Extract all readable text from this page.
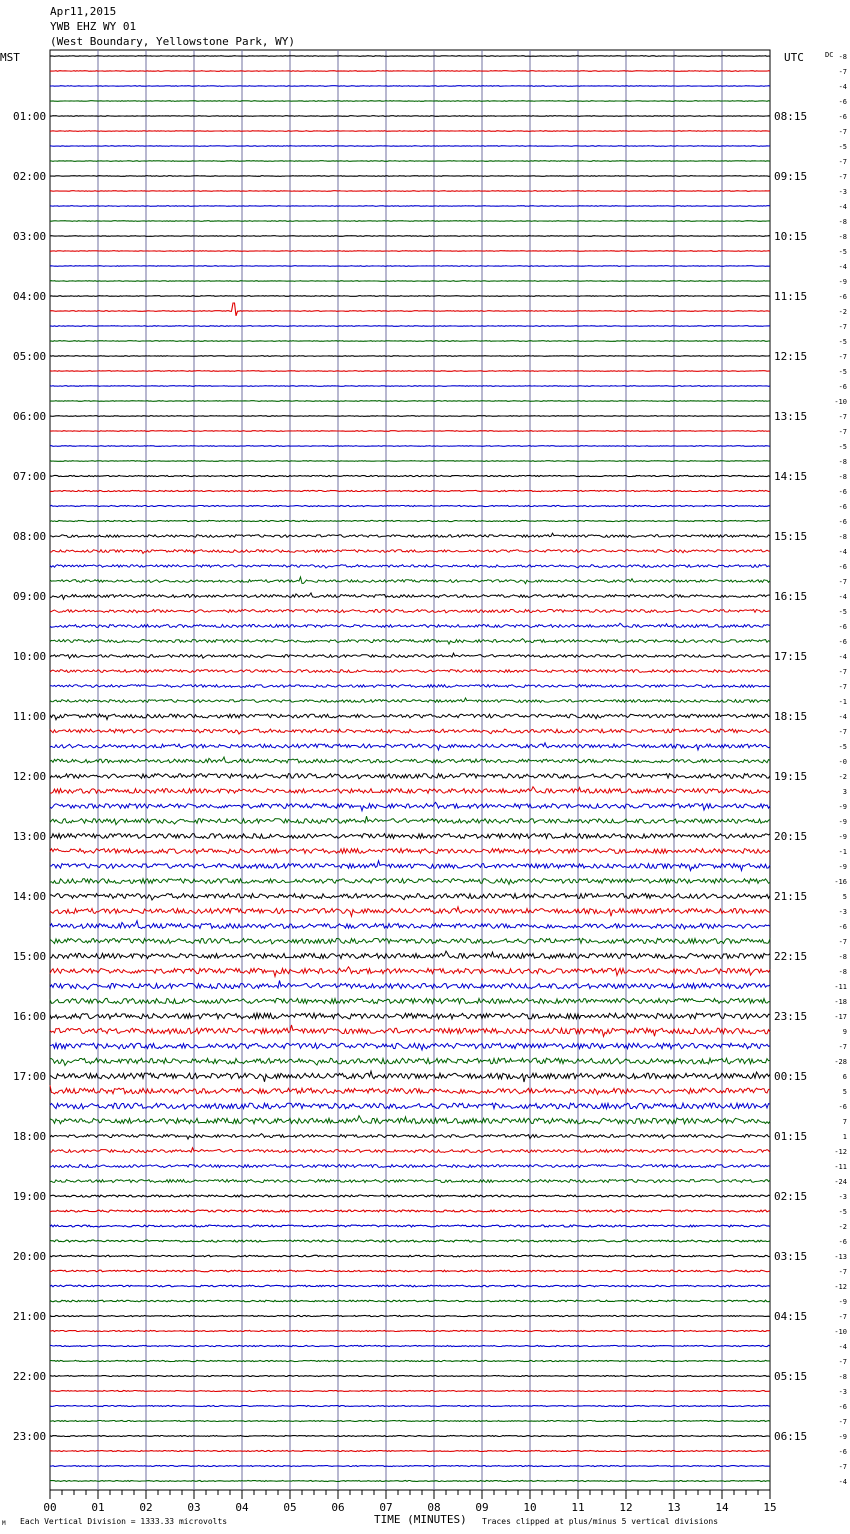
Apr11,2015
YWB EHZ WY 01
(West Boundary, Yellowstone Park, WY)
-8
-7
-4
-6
-6
-7
-5
-7
-7
-3
-4
-8
-8
-5
-4
-9
-6
-2
-7
-5
-7
-5
-6
-10
-7
-7
-5
-8
-8
-6
-6
-6
-8
-4
-6
-7
-4
-5
-6
-6
-4
-7
-7
-1
-4
-7
-5
-0
-2
3
-9
-9
-9
-1
-9
-16
5
-3
-6
-7
-8
-8
-11
-18
-17
9
-7
-28
6
5
-6
7
1
-12
-11
-24
-3
-5
-2
-6
-13
-7
-12
-9
-7
-10
-4
-7
-8
-3
-6
-7
-9
-6
-7
-4
01:00	08:15
02:00	09:15
03:00	10:15
04:00	11:15
05:00	12:15
06:00	13:15
07:00	14:15
08:00	15:15
09:00	16:15
10:00	17:15
11:00	18:15
12:00	19:15
13:00	20:15
14:00	21:15
15:00	22:15
16:00	23:15
17:00	00:15
18:00	01:15
19:00	02:15
20:00	03:15
21:00	04:15
22:00	05:15
23:00	06:15
00	01	02	03	04	05	06	07	08	09	10	11	12	13	14	15
MST	UTC	DC
TIME (MINUTES)
Each Vertical Division = 1333.33 microvolts	Traces clipped at plus/minus 5 vertical divisions
M
